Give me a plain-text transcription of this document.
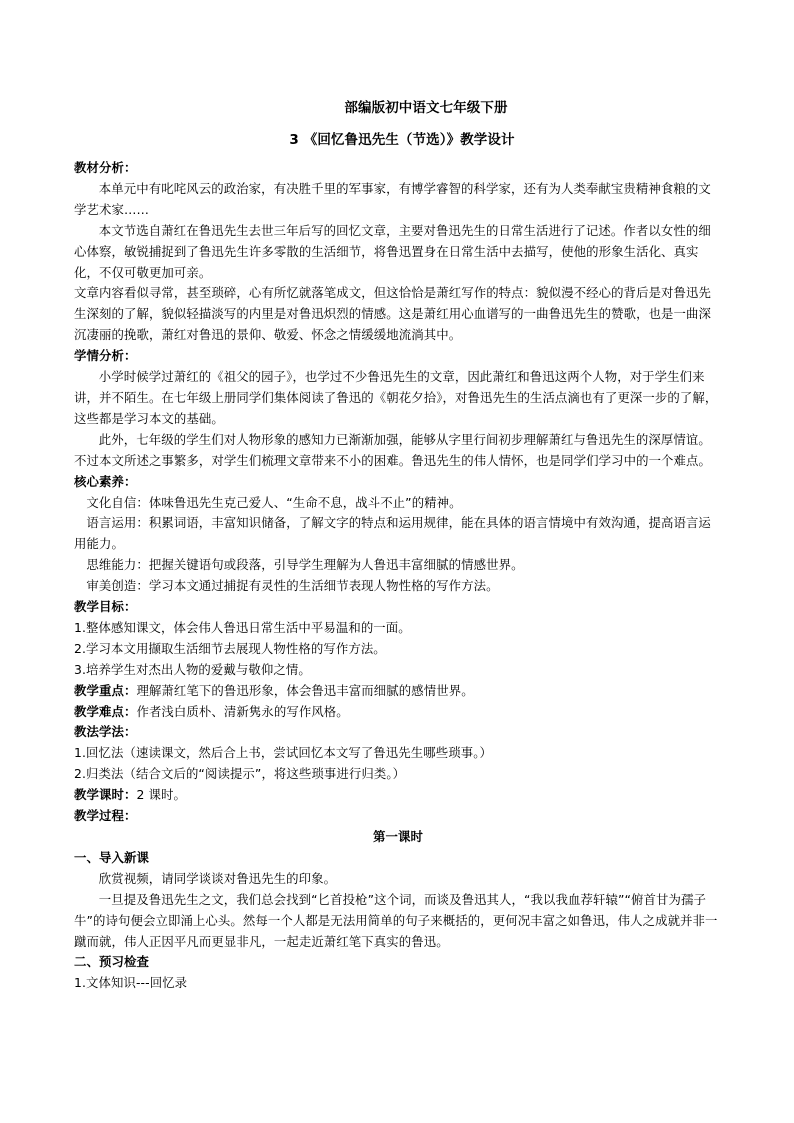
部编版初中语文七年级下册
3 《回忆鲁迅先生（节选）》教学设计

教材分析：

本单元中有叱咤风云的政治家，有决胜千里的军事家，有博学睿智的科学家，还有为人类奉献宝贵精神食粮的文学艺术家……

本文节选自萧红在鲁迅先生去世三年后写的回忆文章，主要对鲁迅先生的日常生活进行了记述。作者以女性的细心体察，敏锐捕捉到了鲁迅先生许多零散的生活细节，将鲁迅置身在日常生活中去描写，使他的形象生活化、真实化，不仅可敬更加可亲。

文章内容看似寻常，甚至琐碎，心有所忆就落笔成文，但这恰恰是萧红写作的特点：貌似漫不经心的背后是对鲁迅先生深刻的了解，貌似轻描淡写的内里是对鲁迅炽烈的情感。这是萧红用心血谱写的一曲鲁迅先生的赞歌，也是一曲深沉凄丽的挽歌，萧红对鲁迅的景仰、敬爱、怀念之情缓缓地流淌其中。

学情分析：

小学时候学过萧红的《祖父的园子》，也学过不少鲁迅先生的文章，因此萧红和鲁迅这两个人物，对于学生们来讲，并不陌生。在七年级上册同学们集体阅读了鲁迅的《朝花夕拾》，对鲁迅先生的生活点滴也有了更深一步的了解，这些都是学习本文的基础。

此外，七年级的学生们对人物形象的感知力已渐渐加强，能够从字里行间初步理解萧红与鲁迅先生的深厚情谊。不过本文所述之事繁多，对学生们梳理文章带来不小的困难。鲁迅先生的伟人情怀，也是同学们学习中的一个难点。

核心素养：

文化自信：体味鲁迅先生克己爱人、“生命不息，战斗不止”的精神。

语言运用：积累词语，丰富知识储备，了解文字的特点和运用规律，能在具体的语言情境中有效沟通，提高语言运用能力。

思维能力：把握关键语句或段落，引导学生理解为人鲁迅丰富细腻的情感世界。

审美创造：学习本文通过捕捉有灵性的生活细节表现人物性格的写作方法。

教学目标：

1.整体感知课文，体会伟人鲁迅日常生活中平易温和的一面。

2.学习本文用撷取生活细节去展现人物性格的写作方法。

3.培养学生对杰出人物的爱戴与敬仰之情。

教学重点：理解萧红笔下的鲁迅形象，体会鲁迅丰富而细腻的感情世界。

教学难点：作者浅白质朴、清新隽永的写作风格。

教法学法：

1.回忆法（速读课文，然后合上书，尝试回忆本文写了鲁迅先生哪些琐事。）

2.归类法（结合文后的“阅读提示”，将这些琐事进行归类。）

教学课时：2 课时。

教学过程：

第一课时

一、导入新课

欣赏视频，请同学谈谈对鲁迅先生的印象。

一旦提及鲁迅先生之文，我们总会找到“匕首投枪”这个词，而谈及鲁迅其人，“我以我血荐轩辕”“俯首甘为孺子牛”的诗句便会立即涌上心头。然每一个人都是无法用简单的句子来概括的，更何况丰富之如鲁迅，伟人之成就并非一蹴而就，伟人正因平凡而更显非凡，一起走近萧红笔下真实的鲁迅。

二、预习检查

1.文体知识---回忆录
